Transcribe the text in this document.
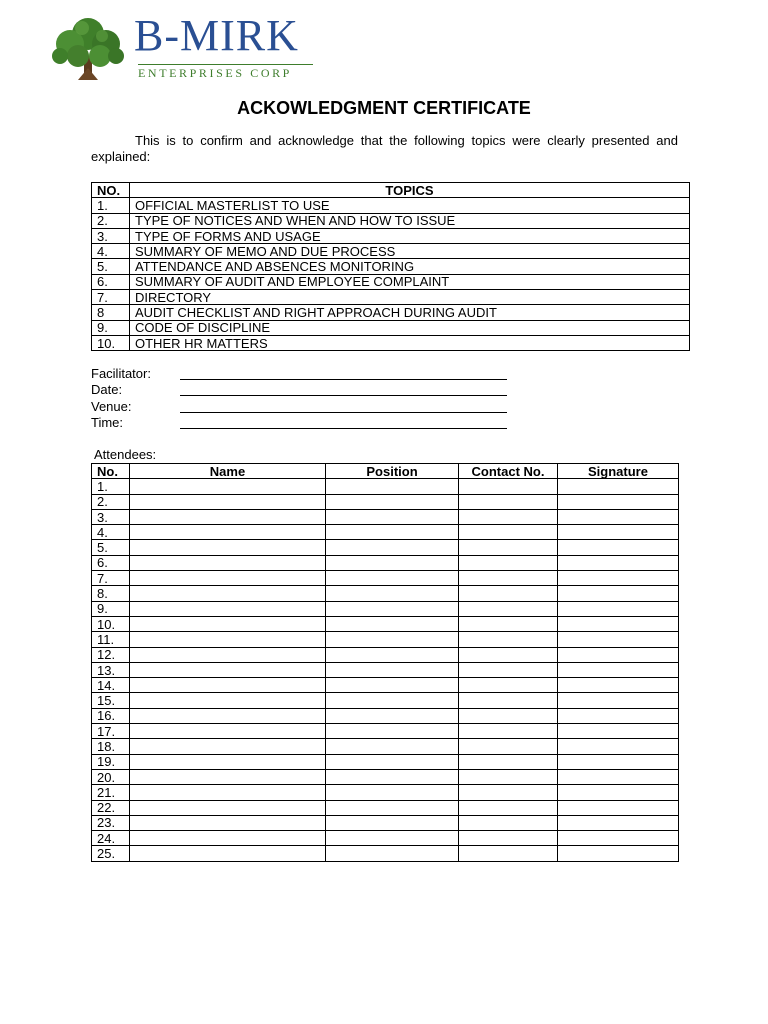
B-MIRK
ENTERPRISES CORP
ACKOWLEDGMENT CERTIFICATE
This is to confirm and acknowledge that the following topics were clearly presented and explained:
NO.	TOPICS
1.	OFFICIAL MASTERLIST TO USE
2.	TYPE OF NOTICES AND WHEN AND HOW TO ISSUE
3.	TYPE OF FORMS AND USAGE
4.	SUMMARY OF MEMO AND DUE PROCESS
5.	ATTENDANCE AND ABSENCES MONITORING
6.	SUMMARY OF AUDIT AND EMPLOYEE COMPLAINT
7.	DIRECTORY
8	AUDIT CHECKLIST AND RIGHT APPROACH DURING AUDIT
9.	CODE OF DISCIPLINE
10.	OTHER HR MATTERS
Facilitator:
Date:
Venue:
Time:
Attendees:
No.	Name	Position	Contact No.	Signature
1.				
2.				
3.				
4.				
5.				
6.				
7.				
8.				
9.				
10.				
11.				
12.				
13.				
14.				
15.				
16.				
17.				
18.				
19.				
20.				
21.				
22.				
23.				
24.				
25.				
